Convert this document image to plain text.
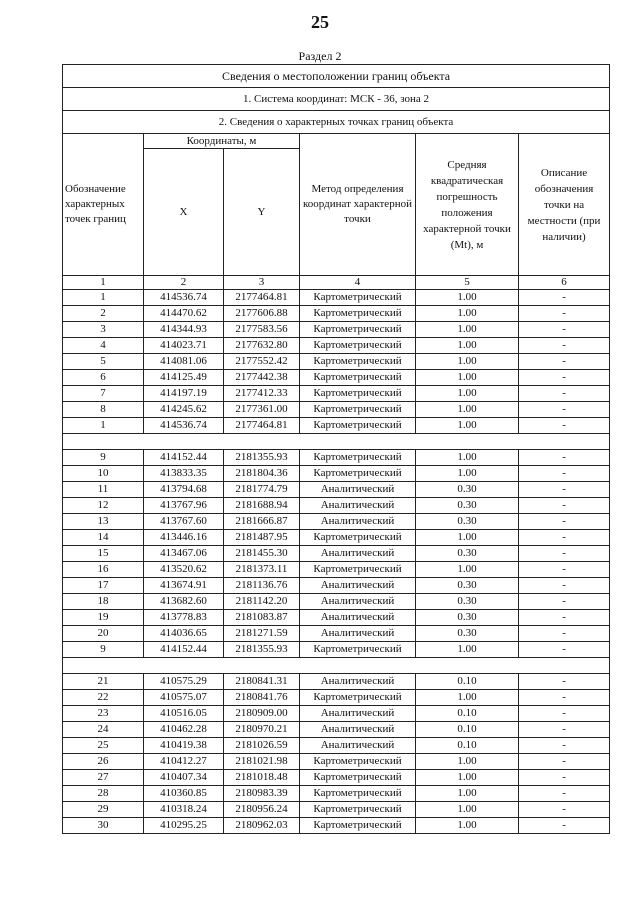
25
Раздел 2
Сведения о местоположении границ объекта					
1. Система координат: МСК - 36, зона 2					
2. Сведения о характерных точках границ объекта					
Обозначение характерных точек границ	Координаты, м		Метод определения координат характерной точки	Средняя квадратическая погрешность положения характерной точки (Mt), м	Описание обозначения точки на местности (при наличии)
	X	Y			
1	2	3	4	5	6
1	414536.74	2177464.81	Картометрический	1.00	-
2	414470.62	2177606.88	Картометрический	1.00	-
3	414344.93	2177583.56	Картометрический	1.00	-
4	414023.71	2177632.80	Картометрический	1.00	-
5	414081.06	2177552.42	Картометрический	1.00	-
6	414125.49	2177442.38	Картометрический	1.00	-
7	414197.19	2177412.33	Картометрический	1.00	-
8	414245.62	2177361.00	Картометрический	1.00	-
1	414536.74	2177464.81	Картометрический	1.00	-

9	414152.44	2181355.93	Картометрический	1.00	-
10	413833.35	2181804.36	Картометрический	1.00	-
11	413794.68	2181774.79	Аналитический	0.30	-
12	413767.96	2181688.94	Аналитический	0.30	-
13	413767.60	2181666.87	Аналитический	0.30	-
14	413446.16	2181487.95	Картометрический	1.00	-
15	413467.06	2181455.30	Аналитический	0.30	-
16	413520.62	2181373.11	Картометрический	1.00	-
17	413674.91	2181136.76	Аналитический	0.30	-
18	413682.60	2181142.20	Аналитический	0.30	-
19	413778.83	2181083.87	Аналитический	0.30	-
20	414036.65	2181271.59	Аналитический	0.30	-
9	414152.44	2181355.93	Картометрический	1.00	-

21	410575.29	2180841.31	Аналитический	0.10	-
22	410575.07	2180841.76	Картометрический	1.00	-
23	410516.05	2180909.00	Аналитический	0.10	-
24	410462.28	2180970.21	Аналитический	0.10	-
25	410419.38	2181026.59	Аналитический	0.10	-
26	410412.27	2181021.98	Картометрический	1.00	-
27	410407.34	2181018.48	Картометрический	1.00	-
28	410360.85	2180983.39	Картометрический	1.00	-
29	410318.24	2180956.24	Картометрический	1.00	-
30	410295.25	2180962.03	Картометрический	1.00	-
